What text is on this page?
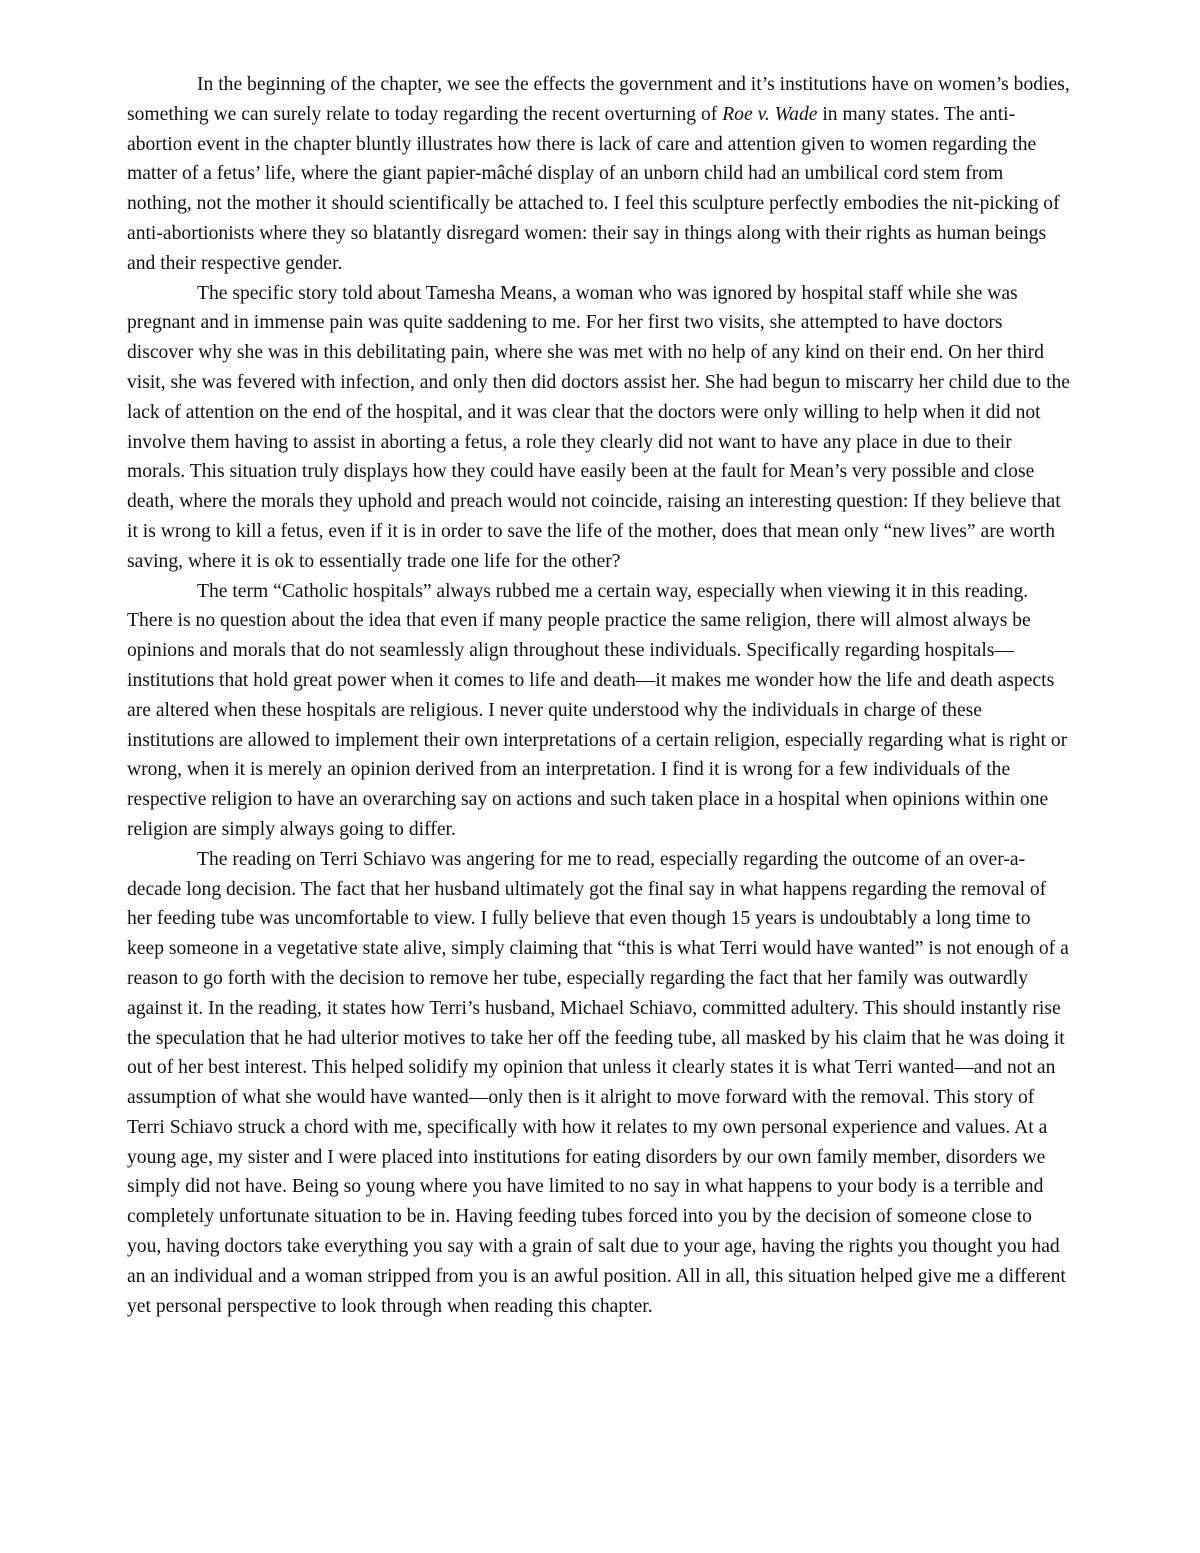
In the beginning of the chapter, we see the effects the government and it’s institutions have on women’s bodies, something we can surely relate to today regarding the recent overturning of Roe v. Wade in many states. The anti-abortion event in the chapter bluntly illustrates how there is lack of care and attention given to women regarding the matter of a fetus’ life, where the giant papier-mâché display of an unborn child had an umbilical cord stem from nothing, not the mother it should scientifically be attached to. I feel this sculpture perfectly embodies the nit-picking of anti-abortionists where they so blatantly disregard women: their say in things along with their rights as human beings and their respective gender.

The specific story told about Tamesha Means, a woman who was ignored by hospital staff while she was pregnant and in immense pain was quite saddening to me. For her first two visits, she attempted to have doctors discover why she was in this debilitating pain, where she was met with no help of any kind on their end. On her third visit, she was fevered with infection, and only then did doctors assist her. She had begun to miscarry her child due to the lack of attention on the end of the hospital, and it was clear that the doctors were only willing to help when it did not involve them having to assist in aborting a fetus, a role they clearly did not want to have any place in due to their morals. This situation truly displays how they could have easily been at the fault for Mean’s very possible and close death, where the morals they uphold and preach would not coincide, raising an interesting question: If they believe that it is wrong to kill a fetus, even if it is in order to save the life of the mother, does that mean only “new lives” are worth saving, where it is ok to essentially trade one life for the other?

The term “Catholic hospitals” always rubbed me a certain way, especially when viewing it in this reading. There is no question about the idea that even if many people practice the same religion, there will almost always be opinions and morals that do not seamlessly align throughout these individuals. Specifically regarding hospitals—institutions that hold great power when it comes to life and death—it makes me wonder how the life and death aspects are altered when these hospitals are religious. I never quite understood why the individuals in charge of these institutions are allowed to implement their own interpretations of a certain religion, especially regarding what is right or wrong, when it is merely an opinion derived from an interpretation. I find it is wrong for a few individuals of the respective religion to have an overarching say on actions and such taken place in a hospital when opinions within one religion are simply always going to differ.

The reading on Terri Schiavo was angering for me to read, especially regarding the outcome of an over-a-decade long decision. The fact that her husband ultimately got the final say in what happens regarding the removal of her feeding tube was uncomfortable to view. I fully believe that even though 15 years is undoubtably a long time to keep someone in a vegetative state alive, simply claiming that “this is what Terri would have wanted” is not enough of a reason to go forth with the decision to remove her tube, especially regarding the fact that her family was outwardly against it. In the reading, it states how Terri’s husband, Michael Schiavo, committed adultery. This should instantly rise the speculation that he had ulterior motives to take her off the feeding tube, all masked by his claim that he was doing it out of her best interest. This helped solidify my opinion that unless it clearly states it is what Terri wanted—and not an assumption of what she would have wanted—only then is it alright to move forward with the removal. This story of Terri Schiavo struck a chord with me, specifically with how it relates to my own personal experience and values. At a young age, my sister and I were placed into institutions for eating disorders by our own family member, disorders we simply did not have. Being so young where you have limited to no say in what happens to your body is a terrible and completely unfortunate situation to be in. Having feeding tubes forced into you by the decision of someone close to you, having doctors take everything you say with a grain of salt due to your age, having the rights you thought you had an an individual and a woman stripped from you is an awful position. All in all, this situation helped give me a different yet personal perspective to look through when reading this chapter.
